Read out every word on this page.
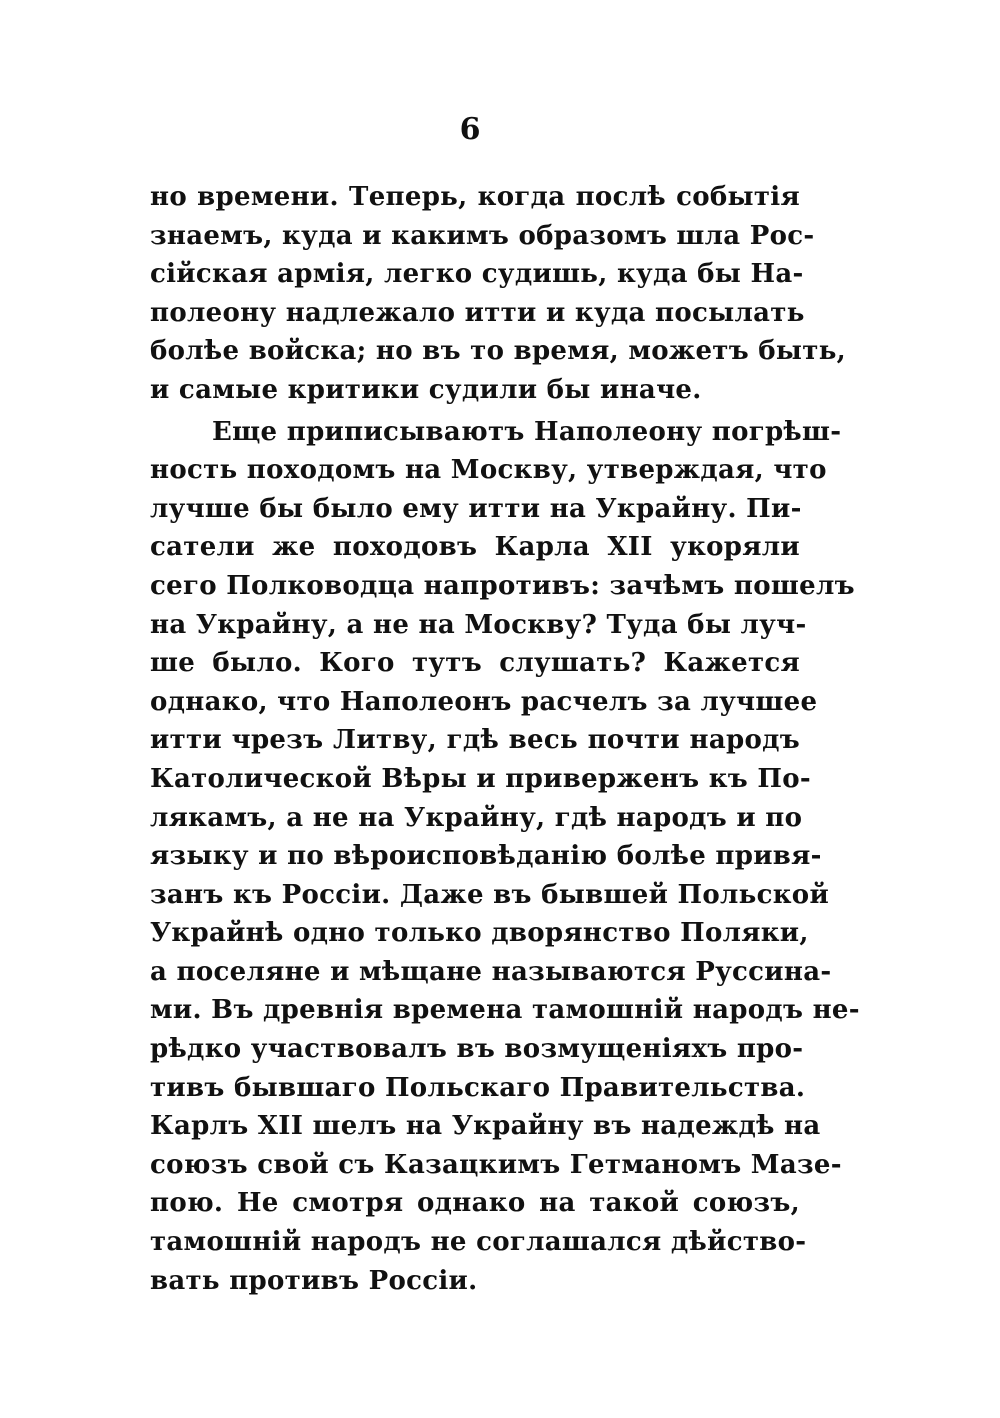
6
но времени. Теперь, когда послѣ событія
знаемъ, куда и какимъ образомъ шла Рос-
сійская армія, легко судишь, куда бы На-
полеону надлежало итти и куда посылать
болѣе войска; но въ то время, можетъ быть,
и самые критики судили бы иначе.
Еще приписываютъ Наполеону погрѣш-
ность походомъ на Москву, утверждая, что
лучше бы было ему итти на Украйну. Пи-
сатели же походовъ Карла XII укоряли
сего Полководца напротивъ: зачѣмъ пошелъ
на Украйну, а не на Москву? Туда бы луч-
ше было. Кого тутъ слушать? Кажется
однако, что Наполеонъ расчелъ за лучшее
итти чрезъ Литву, гдѣ весь почти народъ
Католической Вѣры и приверженъ къ По-
лякамъ, а не на Украйну, гдѣ народъ и по
языку и по вѣроисповѣданію болѣе привя-
занъ къ Россіи. Даже въ бывшей Польской
Украйнѣ одно только дворянство Поляки,
а поселяне и мѣщане называются Руссина-
ми. Въ древнія времена тамошній народъ не-
рѣдко участвовалъ въ возмущеніяхъ про-
тивъ бывшаго Польскаго Правительства.
Карлъ XII шелъ на Украйну въ надеждѣ на
союзъ свой съ Казацкимъ Гетманомъ Мазе-
пою. Не смотря однако на такой союзъ,
тамошній народъ не соглашался дѣйство-
вать противъ Россіи.
